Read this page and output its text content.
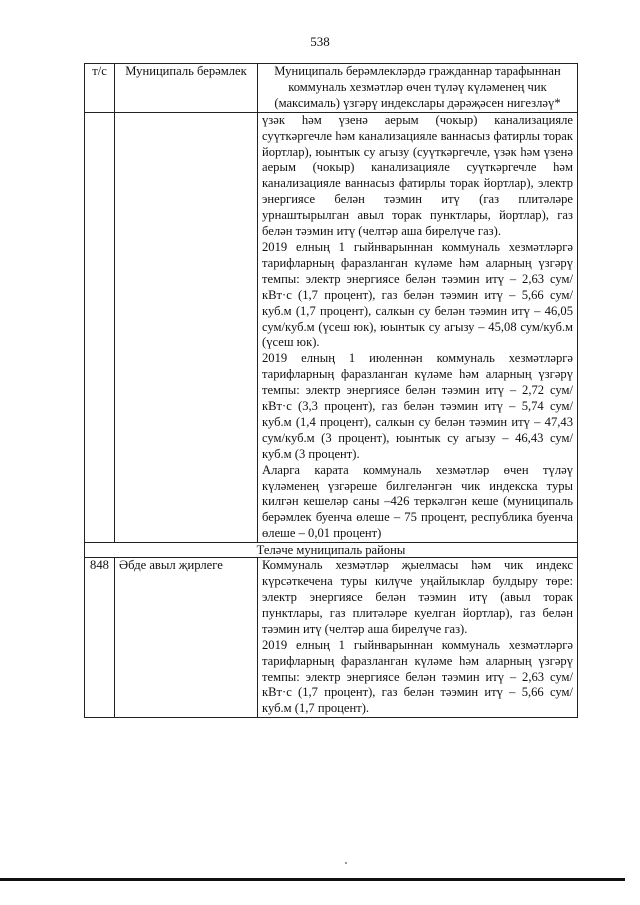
538
т/с	Муниципаль берәмлек	Муниципаль берәмлекләрдә гражданнар тарафыннан коммуналь хезмәтләр өчен түләү күләменең чик (максималь) үзгәрү индекслары дәрәҗәсен нигезләү*

		үзәк һәм үзенә аерым (чокыр) канализацияле суүткәргечле һәм канализацияле ваннасыз фатирлы торак йортлар), юынтык су агызу (суүткәргечле, үзәк һәм үзенә аерым (чокыр) канализацияле суүткәргечле һәм канализацияле ваннасыз фатирлы торак йортлар), электр энергиясе белән тәэмин итү (газ плитәләре урнаштырылган авыл торак пунктлары, йортлар), газ белән тәэмин итү (челтәр аша бирелүче газ).
2019 елның 1 гыйнварыннан коммуналь хезмәтләргә тарифларның фаразланган күләме һәм аларның үзгәрү темпы: электр энергиясе белән тәэмин итү – 2,63 сум/кВт·с (1,7 процент), газ белән тәэмин итү – 5,66 сум/куб.м (1,7 процент), салкын су белән тәэмин итү – 46,05 сум/куб.м (үсеш юк), юынтык су агызу – 45,08 сум/куб.м (үсеш юк).
2019 елның 1 июленнән коммуналь хезмәтләргә тарифларның фаразланган күләме һәм аларның үзгәрү темпы: электр энергиясе белән тәэмин итү – 2,72 сум/кВт·с (3,3 процент), газ белән тәэмин итү – 5,74 сум/куб.м (1,4 процент), салкын су белән тәэмин итү – 47,43 сум/куб.м (3 процент), юынтык су агызу – 46,43 сум/куб.м (3 процент).
Аларга карата коммуналь хезмәтләр өчен түләү күләменең үзгәреше билгеләнгән чик индекска туры килгән кешеләр саны –426 теркәлгән кеше (муниципаль берәмлек буенча өлеше – 75 процент, республика буенча өлеше – 0,01 процент)

Теләче муниципаль районы		
848	Әбде авыл җирлеге	Коммуналь хезмәтләр җыелмасы һәм чик индекс күрсәткечена туры килүче уңайлыклар булдыру төре: электр энергиясе белән тәэмин итү (авыл торак пунктлары, газ плитәләре куелган йортлар), газ белән тәэмин итү (челтәр аша бирелүче газ).
2019 елның 1 гыйнварыннан коммуналь хезмәтләргә тарифларның фаразланган күләме һәм аларның үзгәрү темпы: электр энергиясе белән тәэмин итү – 2,63 сум/кВт·с (1,7 процент), газ белән тәэмин итү – 5,66 сум/куб.м (1,7 процент).
